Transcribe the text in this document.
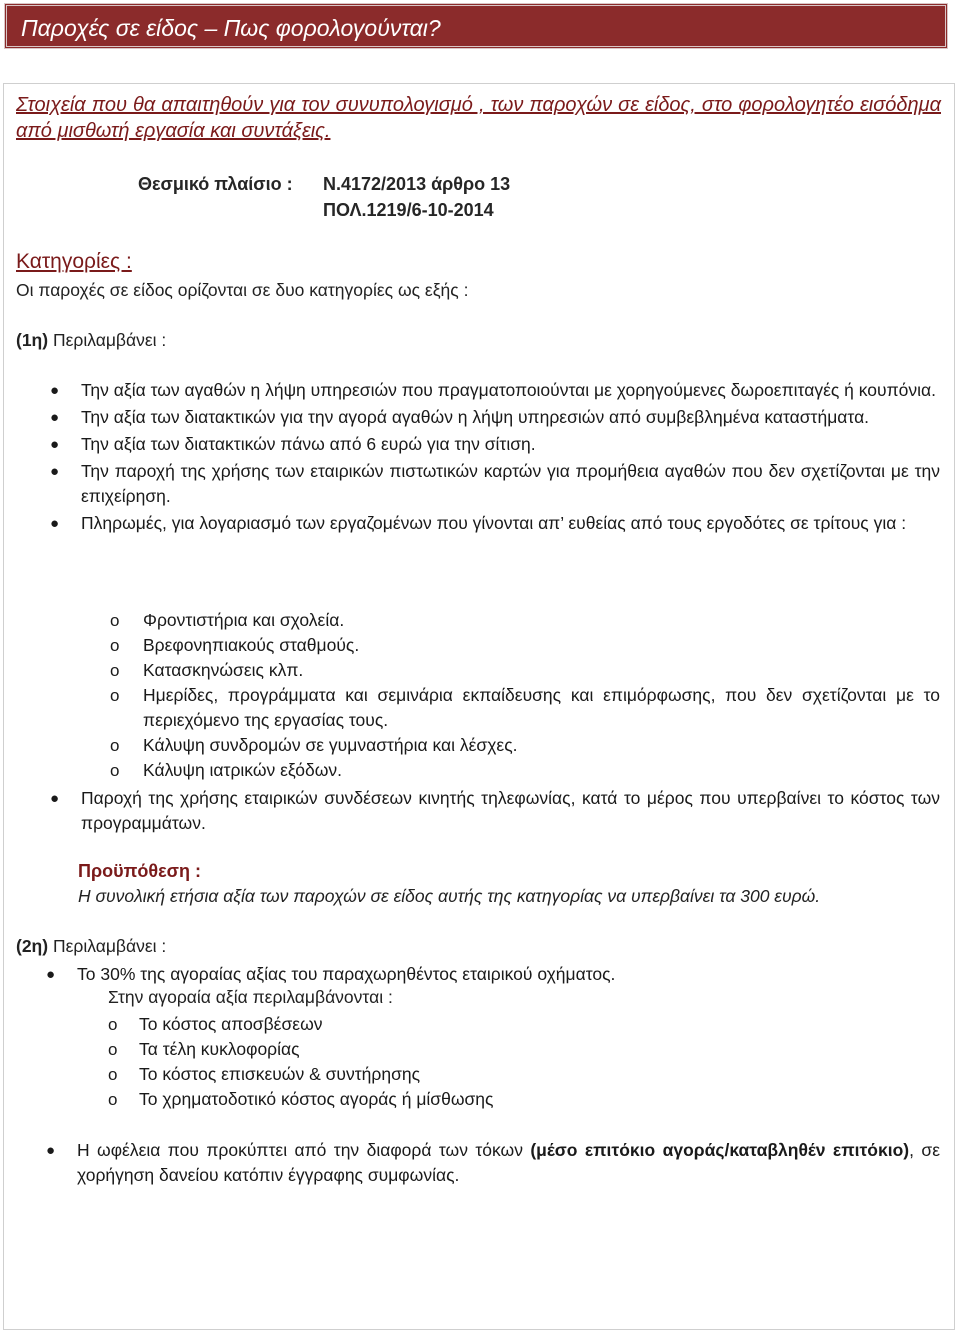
Παροχές σε είδος – Πως φορολογούνται?
Στοιχεία που θα απαιτηθούν για τον συνυπολογισμό , των παροχών σε είδος, στο φορολογητέο εισόδημα από μισθωτή εργασία και συντάξεις.
Θεσμικό πλαίσιο : Ν.4172/2013 άρθρο 13
ΠΟΛ.1219/6-10-2014
Κατηγορίες :
Οι παροχές σε είδος ορίζονται σε δυο κατηγορίες ως εξής :
(1η) Περιλαμβάνει :
● Την αξία των αγαθών η λήψη υπηρεσιών που πραγματοποιούνται με χορηγούμενες δωροεπιταγές ή κουπόνια.
● Την αξία των διατακτικών για την αγορά αγαθών η λήψη υπηρεσιών από συμβεβλημένα καταστήματα.
● Την αξία των διατακτικών πάνω από 6 ευρώ για την σίτιση.
● Την παροχή της χρήσης των εταιρικών πιστωτικών καρτών για προμήθεια αγαθών που δεν σχετίζονται με την επιχείρηση.
● Πληρωμές, για λογαριασμό των εργαζομένων που γίνονται απ’ ευθείας από τους εργοδότες σε τρίτους για :
o Φροντιστήρια και σχολεία.
o Βρεφονηπιακούς σταθμούς.
o Κατασκηνώσεις κλπ.
o Ημερίδες, προγράμματα και σεμινάρια εκπαίδευσης και επιμόρφωσης, που δεν σχετίζονται με το περιεχόμενο της εργασίας τους.
o Κάλυψη συνδρομών σε γυμναστήρια και λέσχες.
o Κάλυψη ιατρικών εξόδων.
● Παροχή της χρήσης εταιρικών συνδέσεων κινητής τηλεφωνίας, κατά το μέρος που υπερβαίνει το κόστος των προγραμμάτων.
Προϋπόθεση :
Η συνολική ετήσια αξία των παροχών σε είδος αυτής της κατηγορίας να υπερβαίνει τα 300 ευρώ.
(2η) Περιλαμβάνει :
● Το 30% της αγοραίας αξίας του παραχωρηθέντος εταιρικού οχήματος.
Στην αγοραία αξία περιλαμβάνονται :
o Το κόστος αποσβέσεων
o Τα τέλη κυκλοφορίας
o Το κόστος επισκευών & συντήρησης
o Το χρηματοδοτικό κόστος αγοράς ή μίσθωσης
● Η ωφέλεια που προκύπτει από την διαφορά των τόκων (μέσο επιτόκιο αγοράς/καταβληθέν επιτόκιο), σε χορήγηση δανείου κατόπιν έγγραφης συμφωνίας.
